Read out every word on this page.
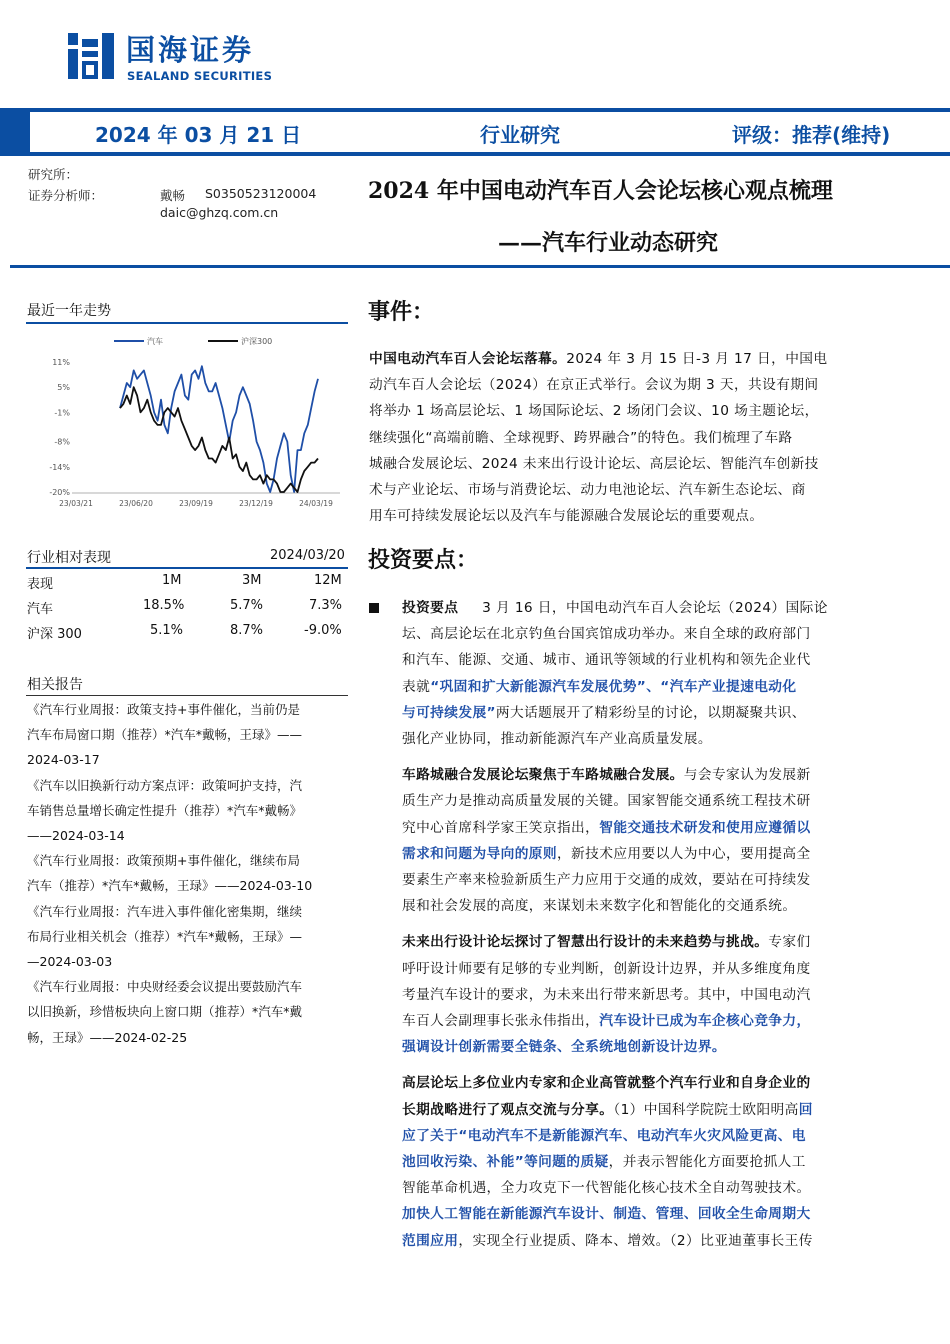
国海证券
SEALAND SECURITIES
2024 年 03 月 21 日	行业研究	评级：推荐(维持)
研究所：
证券分析师：	戴畅 S0350523120004
daic@ghzq.com.cn
2024 年中国电动汽车百人会论坛核心观点梳理
——汽车行业动态研究
最近一年走势
汽车	沪深300
11%
5%
-1%
-8%
-14%
-20%
23/03/21	23/06/20	23/09/19	23/12/19	24/03/19
行业相对表现	2024/03/20
表现	1M	3M	12M
汽车	18.5%	5.7%	7.3%
沪深 300	5.1%	8.7%	-9.0%
相关报告
《汽车行业周报：政策支持+事件催化，当前仍是
汽车布局窗口期（推荐）*汽车*戴畅，王琭》——
2024-03-17
《汽车以旧换新行动方案点评：政策呵护支持，汽
车销售总量增长确定性提升（推荐）*汽车*戴畅》
——2024-03-14
《汽车行业周报：政策预期+事件催化，继续布局
汽车（推荐）*汽车*戴畅，王琭》——2024-03-10
《汽车行业周报：汽车进入事件催化密集期，继续
布局行业相关机会（推荐）*汽车*戴畅，王琭》—
—2024-03-03
《汽车行业周报：中央财经委会议提出要鼓励汽车
以旧换新，珍惜板块向上窗口期（推荐）*汽车*戴
畅，王琭》——2024-02-25
事件：
中国电动汽车百人会论坛落幕。2024 年 3 月 15 日-3 月 17 日，中国电
动汽车百人会论坛（2024）在京正式举行。会议为期 3 天，共设有期间
将举办 1 场高层论坛、1 场国际论坛、2 场闭门会议、10 场主题论坛，
继续强化“高端前瞻、全球视野、跨界融合”的特色。我们梳理了车路
城融合发展论坛、2024 未来出行设计论坛、高层论坛、智能汽车创新技
术与产业论坛、市场与消费论坛、动力电池论坛、汽车新生态论坛、商
用车可持续发展论坛以及汽车与能源融合发展论坛的重要观点。
投资要点：
投资要点 3 月 16 日，中国电动汽车百人会论坛（2024）国际论
坛、高层论坛在北京钓鱼台国宾馆成功举办。来自全球的政府部门
和汽车、能源、交通、城市、通讯等领域的行业机构和领先企业代
表就“巩固和扩大新能源汽车发展优势”、“汽车产业提速电动化
与可持续发展”两大话题展开了精彩纷呈的讨论，以期凝聚共识、
强化产业协同，推动新能源汽车产业高质量发展。
车路城融合发展论坛聚焦于车路城融合发展。与会专家认为发展新
质生产力是推动高质量发展的关键。国家智能交通系统工程技术研
究中心首席科学家王笑京指出，智能交通技术研发和使用应遵循以
需求和问题为导向的原则，新技术应用要以人为中心，要用提高全
要素生产率来检验新质生产力应用于交通的成效，要站在可持续发
展和社会发展的高度，来谋划未来数字化和智能化的交通系统。
未来出行设计论坛探讨了智慧出行设计的未来趋势与挑战。专家们
呼吁设计师要有足够的专业判断，创新设计边界，并从多维度角度
考量汽车设计的要求，为未来出行带来新思考。其中，中国电动汽
车百人会副理事长张永伟指出，汽车设计已成为车企核心竞争力，
强调设计创新需要全链条、全系统地创新设计边界。
高层论坛上多位业内专家和企业高管就整个汽车行业和自身企业的
长期战略进行了观点交流与分享。（1）中国科学院院士欧阳明高回
应了关于“电动汽车不是新能源汽车、电动汽车火灾风险更高、电
池回收污染、补能”等问题的质疑，并表示智能化方面要抢抓人工
智能革命机遇，全力攻克下一代智能化核心技术全自动驾驶技术。
加快人工智能在新能源汽车设计、制造、管理、回收全生命周期大
范围应用，实现全行业提质、降本、增效。（2）比亚迪董事长王传
